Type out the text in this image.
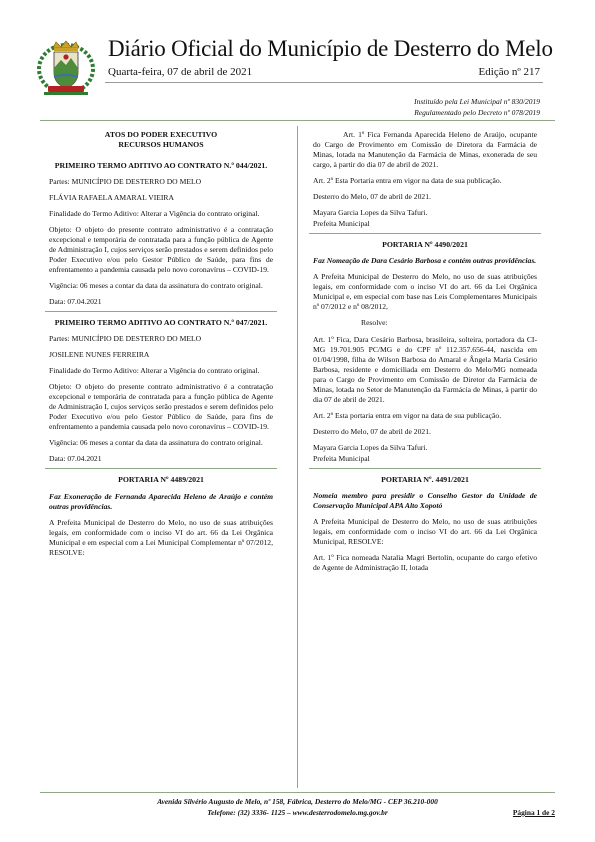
Diário Oficial do Município de Desterro do Melo
Quarta-feira, 07 de abril de 2021	Edição nº 217
Instituído pela Lei Municipal nº 830/2019
Regulamentado pelo Decreto nº 078/2019
ATOS DO PODER EXECUTIVO
RECURSOS HUMANOS
PRIMEIRO TERMO ADITIVO AO CONTRATO N.º 044/2021.

Partes: MUNICÍPIO DE DESTERRO DO MELO

FLÁVIA RAFAELA AMARAL VIEIRA

Finalidade do Termo Aditivo: Alterar a Vigência do contrato original.

Objeto: O objeto do presente contrato administrativo é a contratação excepcional e temporária de contratada para a função pública de Agente de Administração I, cujos serviços serão prestados e serem definidos pelo Poder Executivo e/ou pelo Gestor Público de Saúde, para fins de enfrentamento a pandemia causada pelo novo coronavírus – COVID-19.

Vigência: 06 meses a contar da data da assinatura do contrato original.

Data: 07.04.2021

PRIMEIRO TERMO ADITIVO AO CONTRATO N.º 047/2021.

Partes: MUNICÍPIO DE DESTERRO DO MELO

JOSILENE NUNES FERREIRA

Finalidade do Termo Aditivo: Alterar a Vigência do contrato original.

Objeto: O objeto do presente contrato administrativo é a contratação excepcional e temporária de contratada para a função pública de Agente de Administração I, cujos serviços serão prestados e serem definidos pelo Poder Executivo e/ou pelo Gestor Público de Saúde, para fins de enfrentamento a pandemia causada pelo novo coronavírus – COVID-19.

Vigência: 06 meses a contar da data da assinatura do contrato original.

Data: 07.04.2021

PORTARIA Nº 4489/2021

Faz Exoneração de Fernanda Aparecida Heleno de Araújo e contém outras providências.

A Prefeita Municipal de Desterro do Melo, no uso de suas atribuições legais, em conformidade com o inciso VI do art. 66 da Lei Orgânica Municipal e em especial com a Lei Municipal Complementar nº 07/2012, RESOLVE:

Art. 1º Fica Fernanda Aparecida Heleno de Araújo, ocupante do Cargo de Provimento em Comissão de Diretora da Farmácia de Minas, lotada na Manutenção da Farmácia de Minas, exonerada de seu cargo, à partir do dia 07 de abril de 2021.

Art. 2º Esta Portaria entra em vigor na data de sua publicação.

Desterro do Melo, 07 de abril de 2021.

Mayara Garcia Lopes da Silva Tafuri.

Prefeita Municipal

PORTARIA Nº 4490/2021

Faz Nomeação de Dara Cesário Barbosa e contém outras providências.

A Prefeita Municipal de Desterro do Melo, no uso de suas atribuições legais, em conformidade com o inciso VI do art. 66 da Lei Orgânica Municipal e, em especial com base nas Leis Complementares Municipais nº 07/2012 e nº 08/2012,

Resolve:

Art. 1º Fica, Dara Cesário Barbosa, brasileira, solteira, portadora da CI-MG 19.701.905 PC/MG e do CPF nº 112.357.656-44, nascida em 01/04/1998, filha de Wilson Barbosa do Amaral e Ângela Maria Cesário Barbosa, residente e domiciliada em Desterro do Melo/MG nomeada para o Cargo de Provimento em Comissão de Diretor da Farmácia de Minas, lotada no Setor de Manutenção da Farmácia de Minas, à partir do dia 07 de abril de 2021.

Art. 2º Esta portaria entra em vigor na data de sua publicação.

Desterro do Melo, 07 de abril de 2021.

Mayara Garcia Lopes da Silva Tafuri.

Prefeita Municipal

PORTARIA Nº. 4491/2021

Nomeia membro para presidir o Conselho Gestor da Unidade de Conservação Municipal APA Alto Xopotó

A Prefeita Municipal de Desterro do Melo, no uso de suas atribuições legais, em conformidade com o inciso VI do art. 66 da Lei Orgânica Municipal, RESOLVE:

Art. 1º Fica nomeada Natalia Magri Bertolin, ocupante do cargo efetivo de Agente de Administração II, lotada

Avenida Silvério Augusto de Melo, nº 158, Fábrica, Desterro do Melo/MG - CEP 36.210-000
Telefone: (32) 3336- 1125 – www.desterrodomelo.mg.gov.br	Página 1 de 2
